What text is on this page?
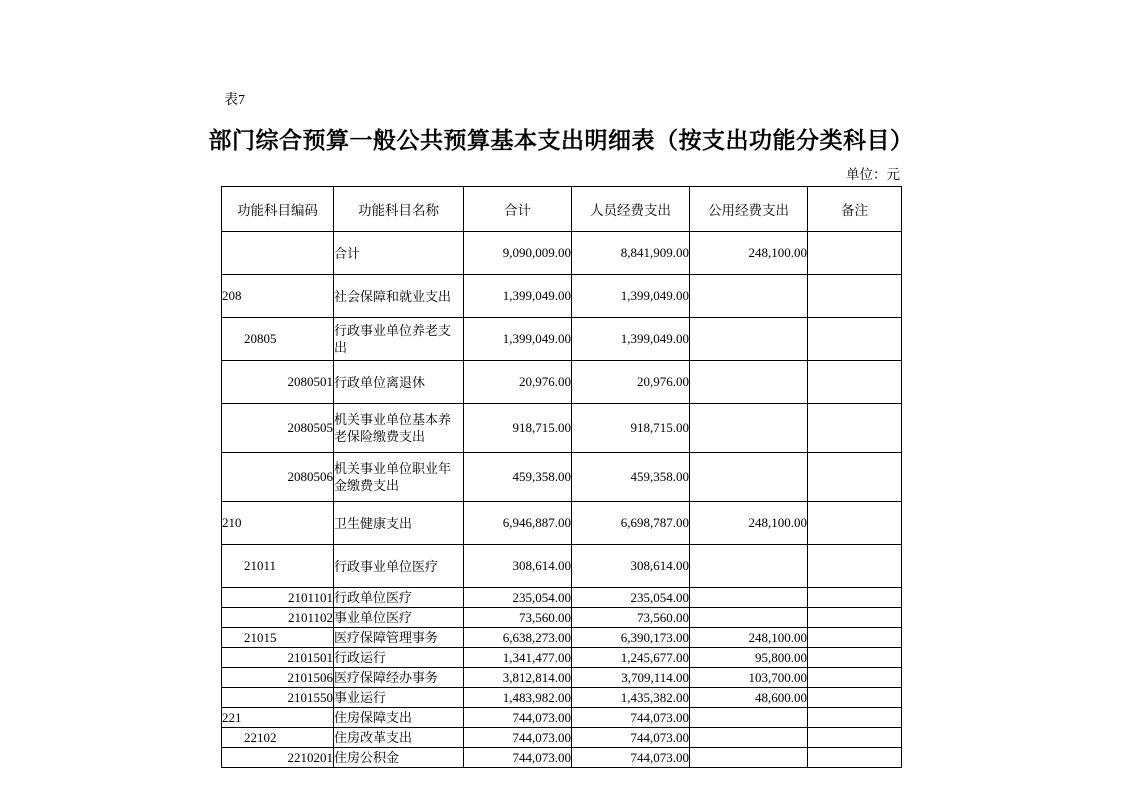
表7
部门综合预算一般公共预算基本支出明细表（按支出功能分类科目）
单位：元
功能科目编码	功能科目名称	合计	人员经费支出	公用经费支出	备注
	合计	9,090,009.00	8,841,909.00	248,100.00	
208	社会保障和就业支出	1,399,049.00	1,399,049.00		
20805	行政事业单位养老支出	1,399,049.00	1,399,049.00		
2080501	行政单位离退休	20,976.00	20,976.00		
2080505	机关事业单位基本养老保险缴费支出	918,715.00	918,715.00		
2080506	机关事业单位职业年金缴费支出	459,358.00	459,358.00		
210	卫生健康支出	6,946,887.00	6,698,787.00	248,100.00	
21011	行政事业单位医疗	308,614.00	308,614.00		
2101101	行政单位医疗	235,054.00	235,054.00		
2101102	事业单位医疗	73,560.00	73,560.00		
21015	医疗保障管理事务	6,638,273.00	6,390,173.00	248,100.00	
2101501	行政运行	1,341,477.00	1,245,677.00	95,800.00	
2101506	医疗保障经办事务	3,812,814.00	3,709,114.00	103,700.00	
2101550	事业运行	1,483,982.00	1,435,382.00	48,600.00	
221	住房保障支出	744,073.00	744,073.00		
22102	住房改革支出	744,073.00	744,073.00		
2210201	住房公积金	744,073.00	744,073.00		
